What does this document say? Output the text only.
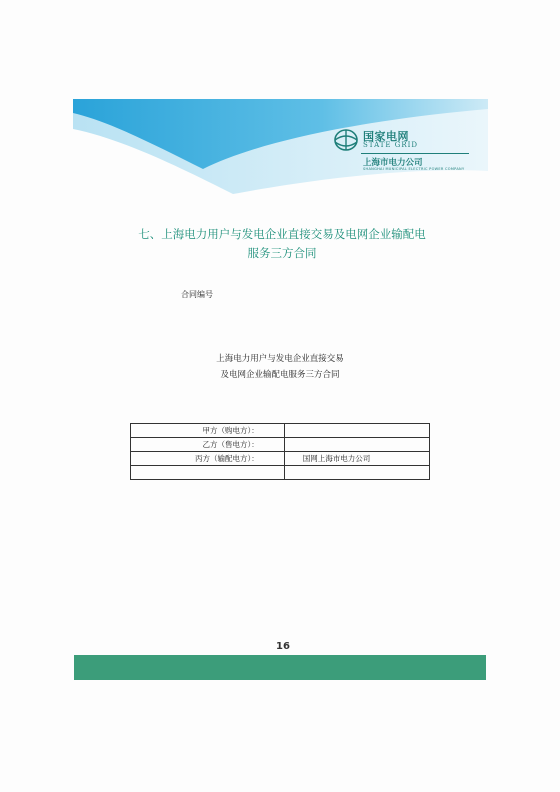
国家电网
STATE GRID
上海市电力公司
SHANGHAI MUNICIPAL ELECTRIC POWER COMPANY
七、上海电力用户与发电企业直接交易及电网企业输配电
服务三方合同
合同编号
上海电力用户与发电企业直接交易
及电网企业输配电服务三方合同
甲方（购电方）：	
乙方（售电方）：	
丙方（输配电方）：	国网上海市电力公司

16
